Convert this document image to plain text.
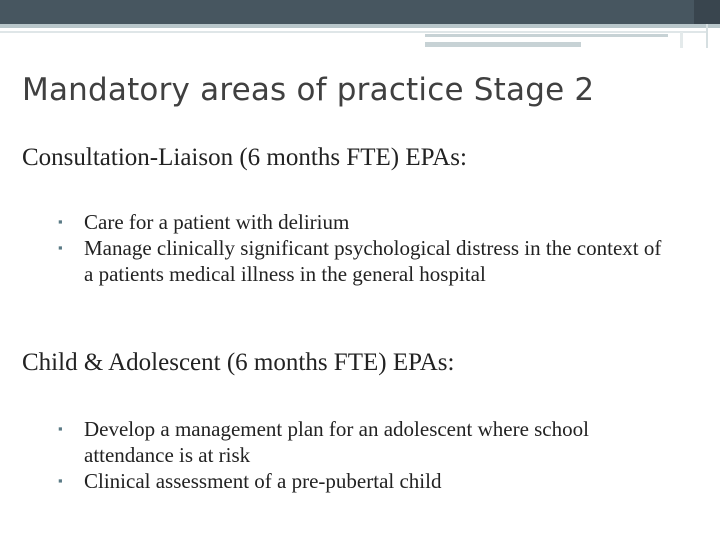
Mandatory areas of practice Stage 2
Consultation-Liaison (6 months FTE) EPAs:
▪ Care for a patient with delirium
▪ Manage clinically significant psychological distress in the context of a patients medical illness in the general hospital
Child & Adolescent (6 months FTE) EPAs:
▪ Develop a management plan for an adolescent where school attendance is at risk
▪ Clinical assessment of a pre-pubertal child
